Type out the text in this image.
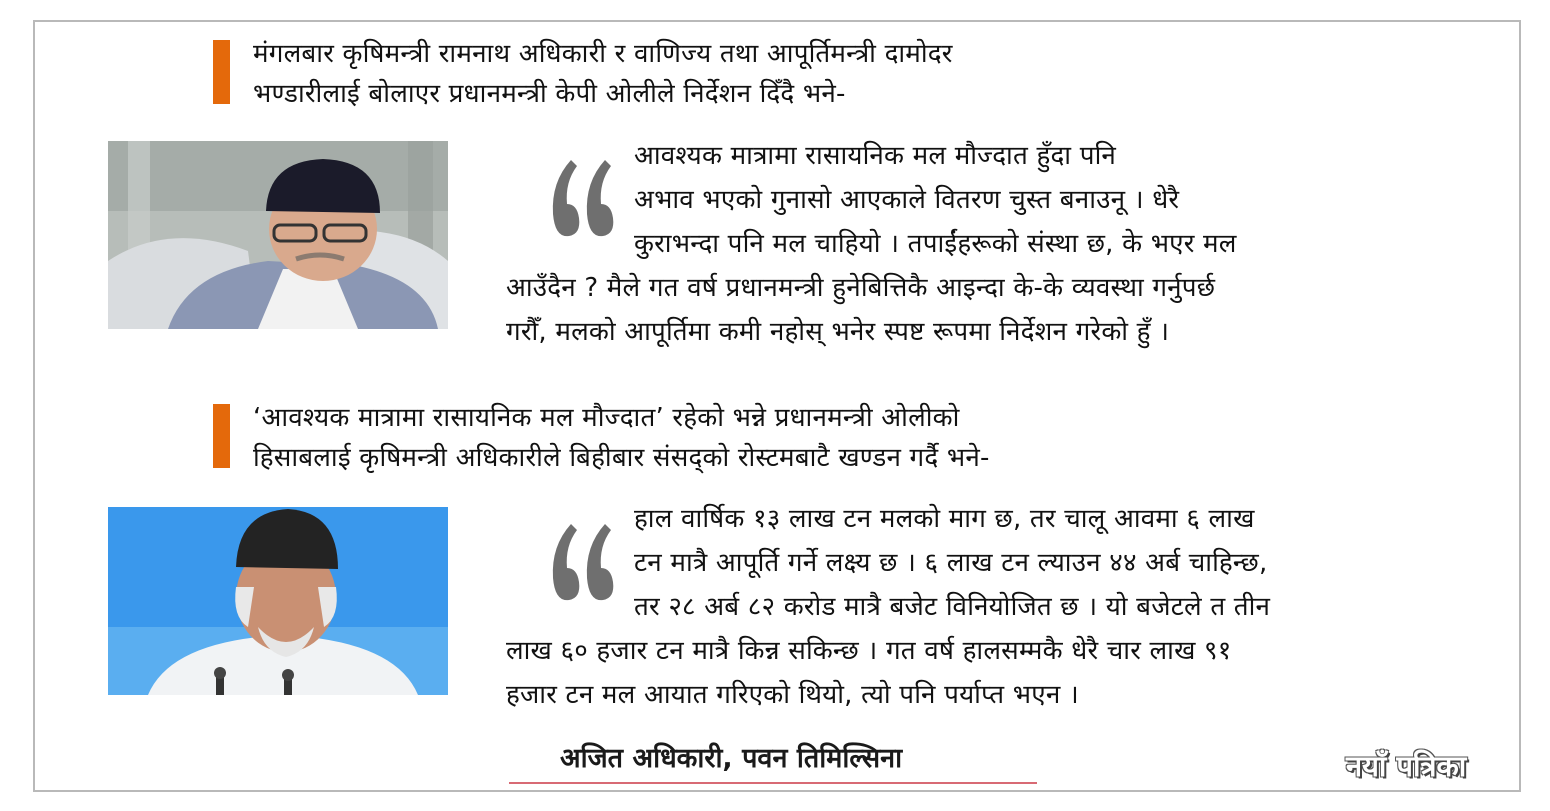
मंगलबार कृषिमन्त्री रामनाथ अधिकारी र वाणिज्य तथा आपूर्तिमन्त्री दामोदर
भण्डारीलाई बोलाएर प्रधानमन्त्री केपी ओलीले निर्देशन दिँदै भने-
आवश्यक मात्रामा रासायनिक मल मौज्दात हुँदा पनि
अभाव भएको गुनासो आएकाले वितरण चुस्त बनाउनू । धेरै
कुराभन्दा पनि मल चाहियो । तपाईंहरूको संस्था छ, के भएर मल
आउँदैन ? मैले गत वर्ष प्रधानमन्त्री हुनेबित्तिकै आइन्दा के-के व्यवस्था गर्नुपर्छ
गरौँ, मलको आपूर्तिमा कमी नहोस् भनेर स्पष्ट रूपमा निर्देशन गरेको हुँ ।
‘आवश्यक मात्रामा रासायनिक मल मौज्दात’ रहेको भन्ने प्रधानमन्त्री ओलीको
हिसाबलाई कृषिमन्त्री अधिकारीले बिहीबार संसद्को रोस्टमबाटै खण्डन गर्दै भने-
हाल वार्षिक १३ लाख टन मलको माग छ, तर चालू आवमा ६ लाख
टन मात्रै आपूर्ति गर्ने लक्ष्य छ । ६ लाख टन ल्याउन ४४ अर्ब चाहिन्छ,
तर २८ अर्ब ८२ करोड मात्रै बजेट विनियोजित छ । यो बजेटले त तीन
लाख ६० हजार टन मात्रै किन्न सकिन्छ । गत वर्ष हालसम्मकै धेरै चार लाख ९१
हजार टन मल आयात गरिएको थियो, त्यो पनि पर्याप्त भएन ।
अजित अधिकारी, पवन तिमिल्सिना	नयाँ पत्रिका
